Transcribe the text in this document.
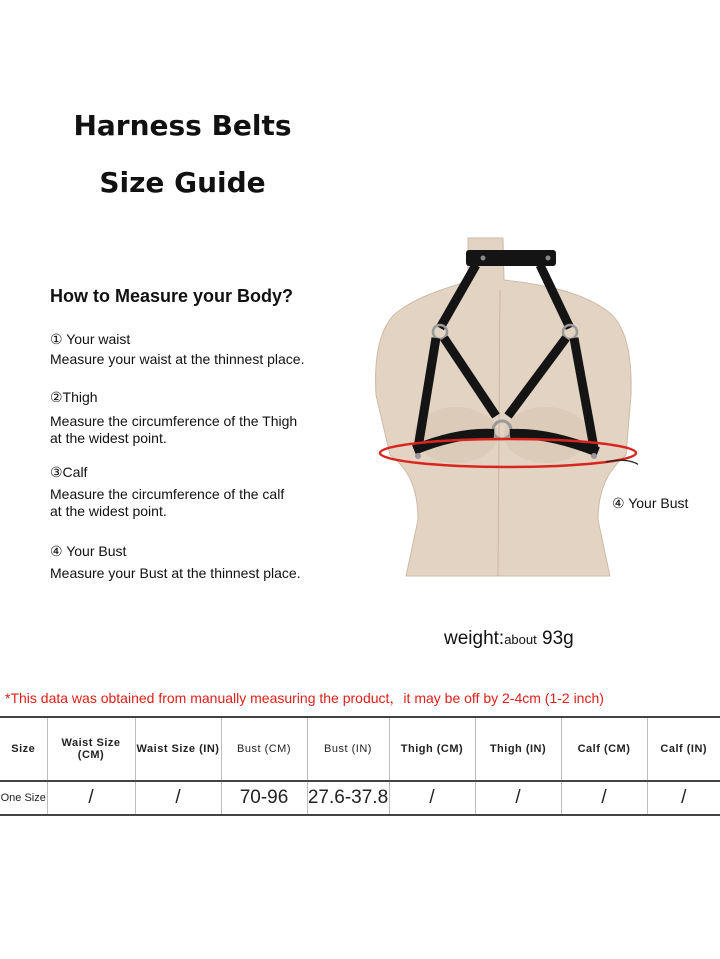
Harness Belts
Size Guide
How to Measure your Body?
① Your waist
Measure your waist at the thinnest place.
②Thigh
Measure the circumference of the Thigh
at the widest point.
③Calf
Measure the circumference of the calf
at the widest point.
④ Your Bust
Measure your Bust at the thinnest place.
④ Your Bust
weight:about 93g
*This data was obtained from manually measuring the product，it may be off by 2-4cm (1-2 inch)
Size	Waist Size (CM)	Waist Size (IN)	Bust (CM)	Bust (IN)	Thigh (CM)	Thigh (IN)	Calf (CM)	Calf (IN)
One Size	/	/	70-96	27.6-37.8	/	/	/	/
